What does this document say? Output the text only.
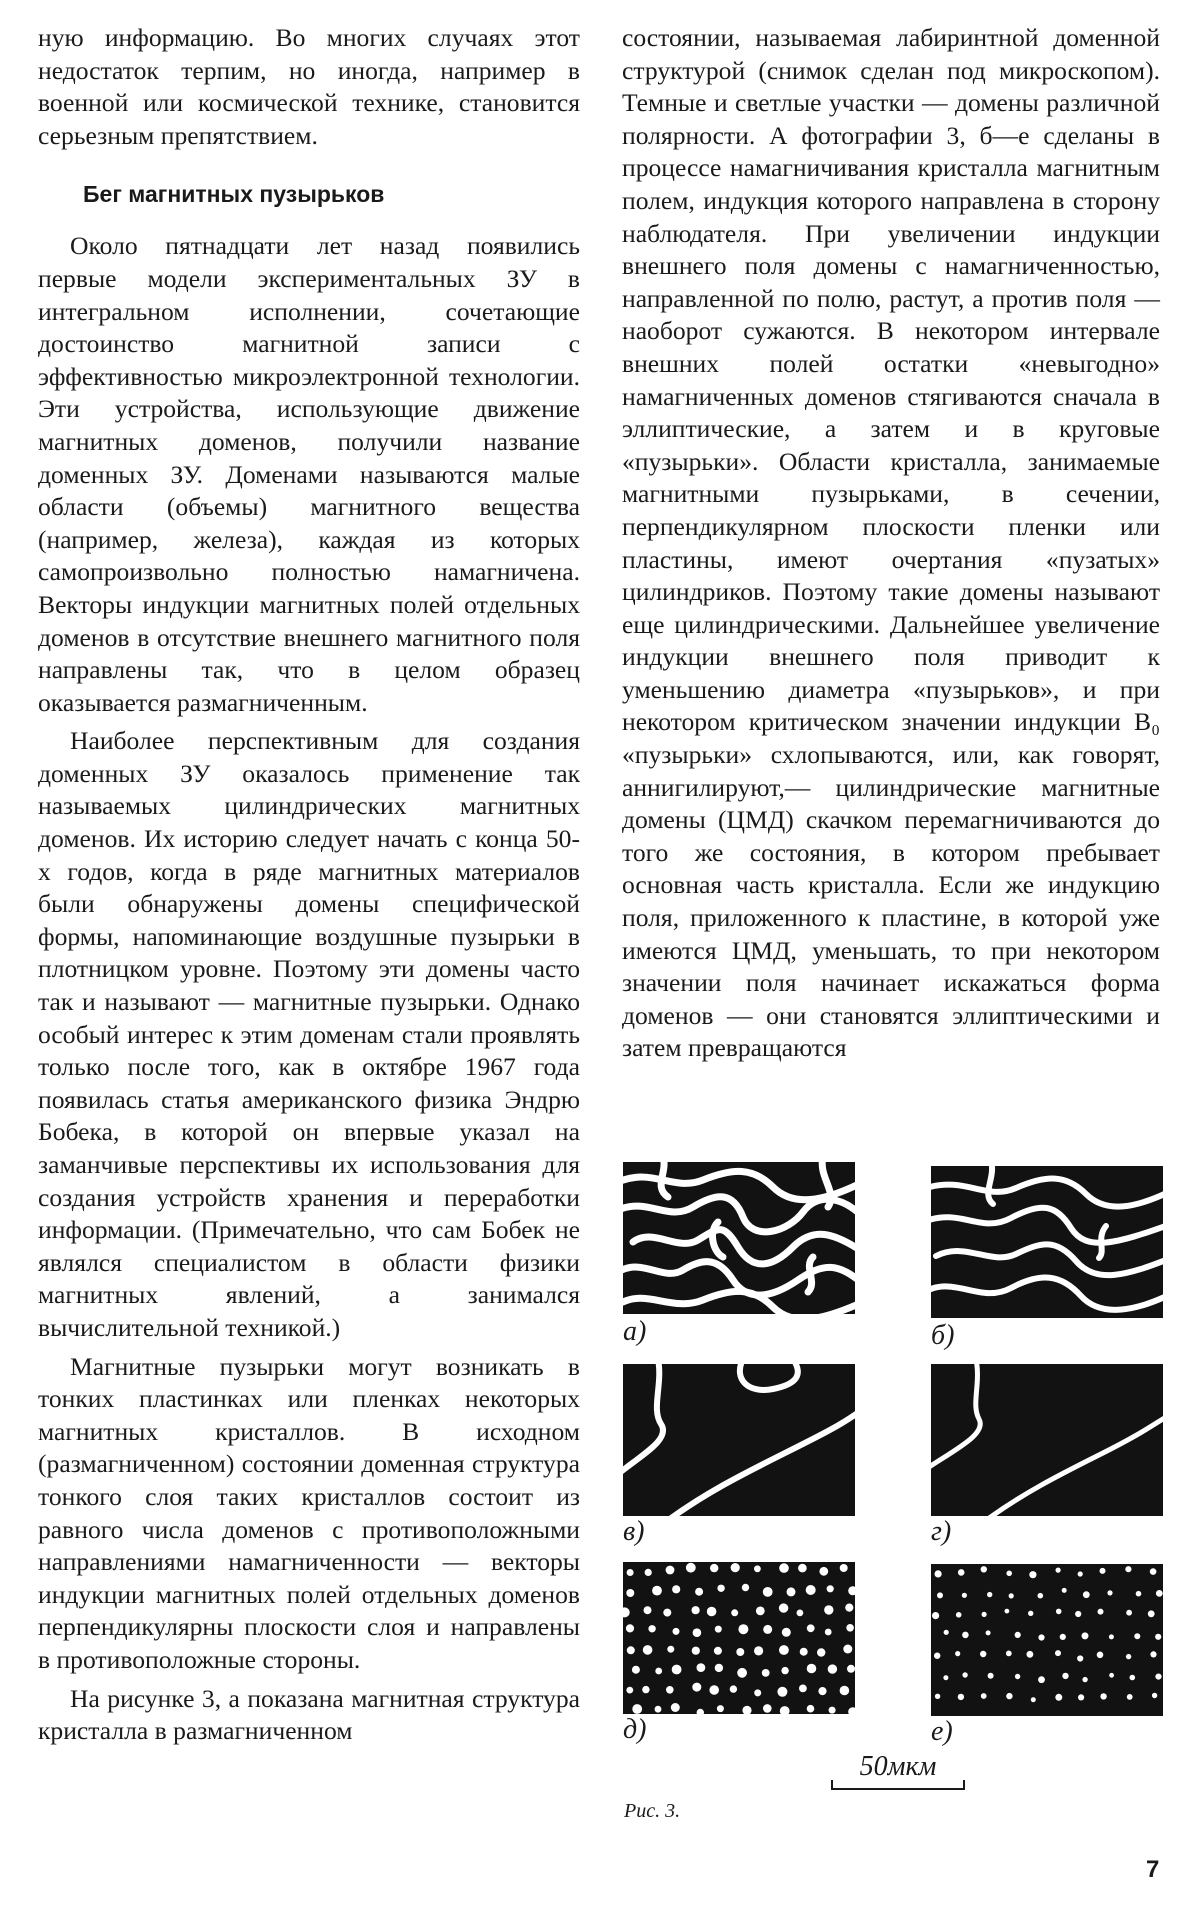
ную информацию. Во многих случаях этот недостаток терпим, но иногда, например в военной или космической технике, становится серьезным препятствием.

Бег магнитных пузырьков

Около пятнадцати лет назад появились первые модели экспериментальных ЗУ в интегральном исполнении, сочетающие достоинство магнитной записи с эффективностью микроэлектронной технологии. Эти устройства, использующие движение магнитных доменов, получили название доменных ЗУ. Доменами называются малые области (объемы) магнитного вещества (например, железа), каждая из которых самопроизвольно полностью намагничена. Векторы индукции магнитных полей отдельных доменов в отсутствие внешнего магнитного поля направлены так, что в целом образец оказывается размагниченным.

Наиболее перспективным для создания доменных ЗУ оказалось применение так называемых цилиндрических магнитных доменов. Их историю следует начать с конца 50-х годов, когда в ряде магнитных материалов были обнаружены домены специфической формы, напоминающие воздушные пузырьки в плотницком уровне. Поэтому эти домены часто так и называют — магнитные пузырьки. Однако особый интерес к этим доменам стали проявлять только после того, как в октябре 1967 года появилась статья американского физика Эндрю Бобека, в которой он впервые указал на заманчивые перспективы их использования для создания устройств хранения и переработки информации. (Примечательно, что сам Бобек не являлся специалистом в области физики магнитных явлений, а занимался вычислительной техникой.)

Магнитные пузырьки могут возникать в тонких пластинках или пленках некоторых магнитных кристаллов. В исходном (размагниченном) состоянии доменная структура тонкого слоя таких кристаллов состоит из равного числа доменов с противоположными направлениями намагниченности — векторы индукции магнитных полей отдельных доменов перпендикулярны плоскости слоя и направлены в противоположные стороны.

На рисунке 3, а показана магнитная структура кристалла в размагниченном

состоянии, называемая лабиринтной доменной структурой (снимок сделан под микроскопом). Темные и светлые участки — домены различной полярности. А фотографии 3, б—е сделаны в процессе намагничивания кристалла магнитным полем, индукция которого направлена в сторону наблюдателя. При увеличении индукции внешнего поля домены с намагниченностью, направленной по полю, растут, а против поля — наоборот сужаются. В некотором интервале внешних полей остатки «невыгодно» намагниченных доменов стягиваются сначала в эллиптические, а затем и в круговые «пузырьки». Области кристалла, занимаемые магнитными пузырьками, в сечении, перпендикулярном плоскости пленки или пластины, имеют очертания «пузатых» цилиндриков. Поэтому такие домены называют еще цилиндрическими. Дальнейшее увеличение индукции внешнего поля приводит к уменьшению диаметра «пузырьков», и при некотором критическом значении индукции B₀ «пузырьки» схлопываются, или, как говорят, аннигилируют,— цилиндрические магнитные домены (ЦМД) скачком перемагничиваются до того же состояния, в котором пребывает основная часть кристалла. Если же индукцию поля, приложенного к пластине, в которой уже имеются ЦМД, уменьшать, то при некотором значении поля начинает искажаться форма доменов — они становятся эллиптическими и затем превращаются

а)	б)
в)	г)
д)	е)
50мкм
Рис. 3.
7
